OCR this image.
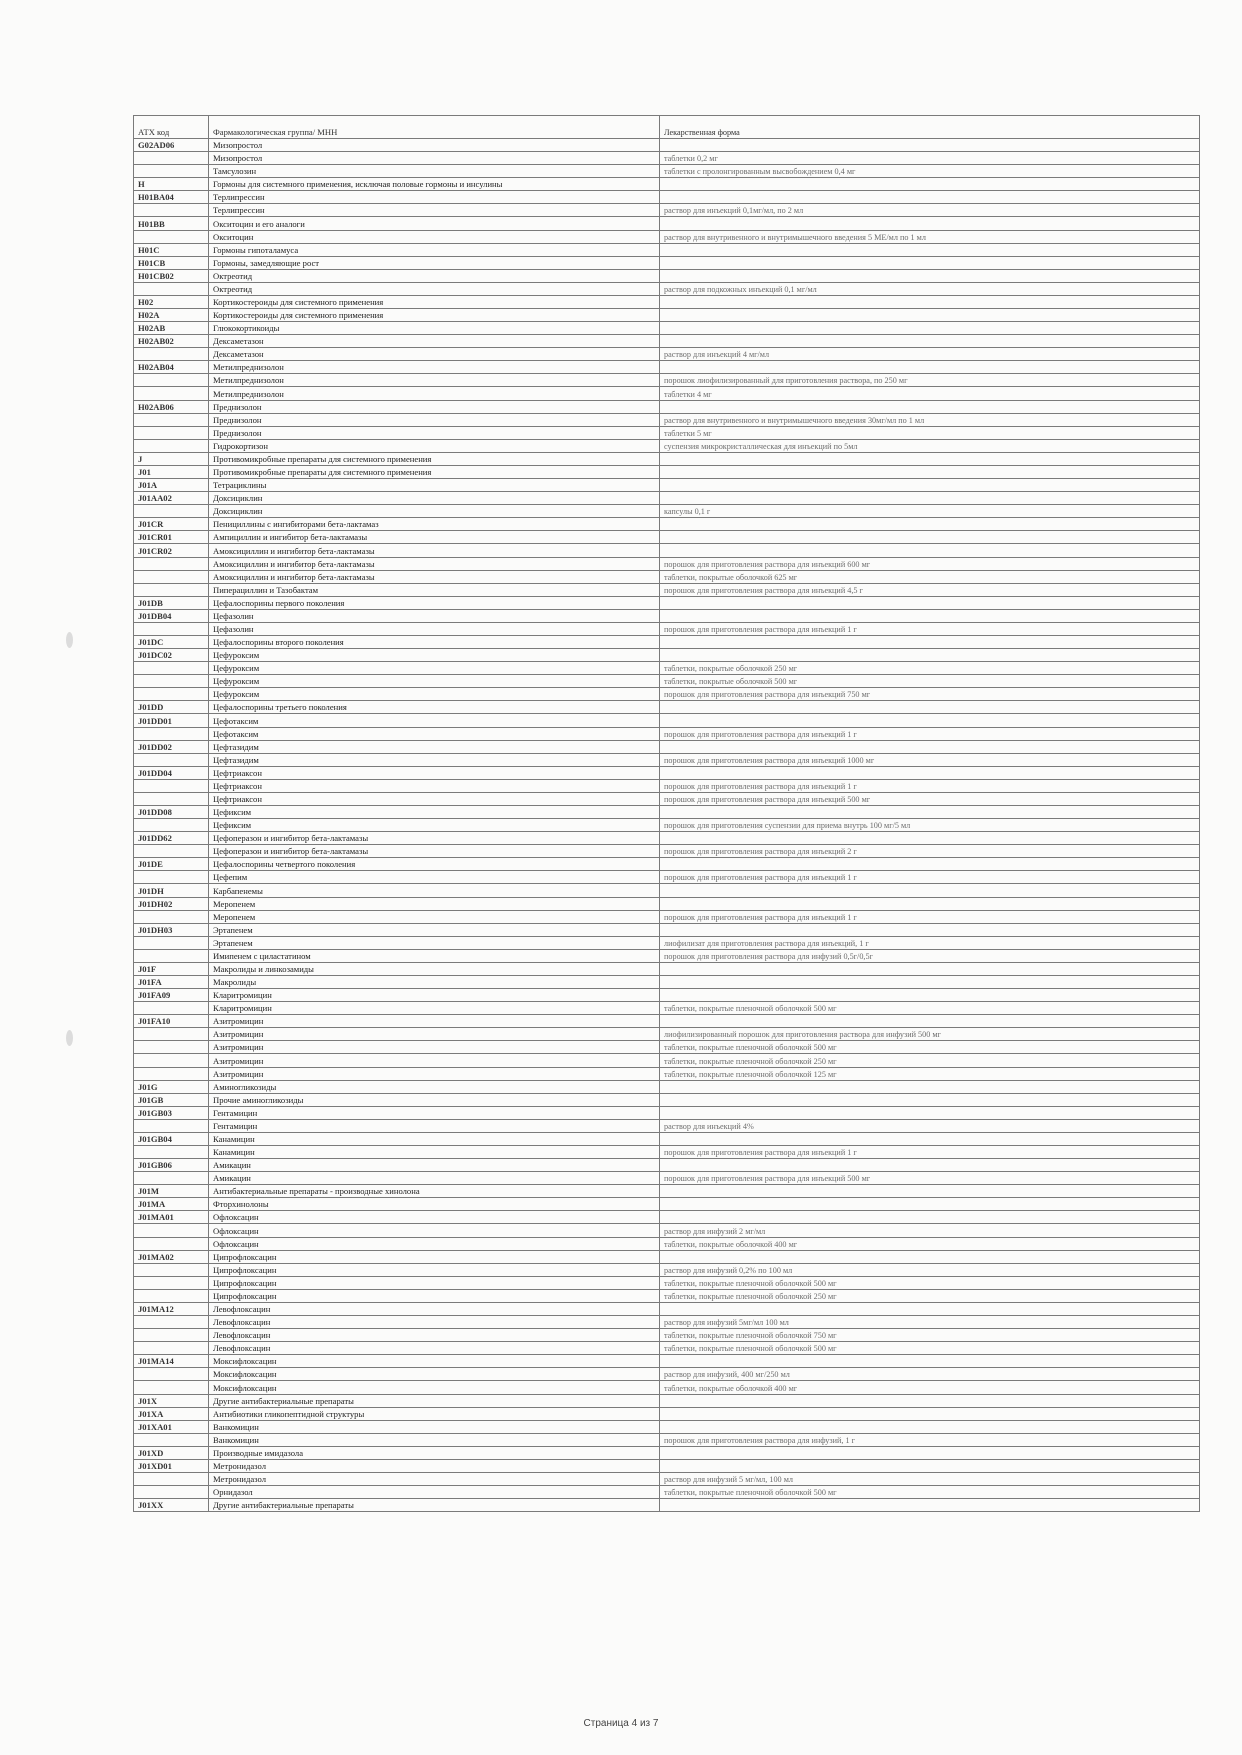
АТХ код	Фармакологическая группа/ МНН	Лекарственная форма
G02AD06	Мизопростол	
	Мизопростол	таблетки 0,2 мг
	Тамсулозин	таблетки с пролонгированным высвобождением 0,4 мг
H	Гормоны для системного применения, исключая половые гормоны и инсулины	
H01BA04	Терлипрессин	
	Терлипрессин	раствор для инъекций 0,1мг/мл, по 2 мл
H01BB	Окситоцин и его аналоги	
	Окситоцин	раствор для внутривенного и внутримышечного введения 5 МЕ/мл по 1 мл
H01C	Гормоны гипоталамуса	
H01CB	Гормоны, замедляющие рост	
H01CB02	Октреотид	
	Октреотид	раствор для подкожных инъекций 0,1 мг/мл
H02	Кортикостероиды для системного применения	
H02A	Кортикостероиды для системного применения	
H02AB	Глюкокортикоиды	
H02AB02	Дексаметазон	
	Дексаметазон	раствор для инъекций 4 мг/мл
H02AB04	Метилпреднизолон	
	Метилпреднизолон	порошок лиофилизированный для приготовления раствора, по 250 мг
	Метилпреднизолон	таблетки 4 мг
H02AB06	Преднизолон	
	Преднизолон	раствор для внутривенного и внутримышечного введения 30мг/мл по 1 мл
	Преднизолон	таблетки 5 мг
	Гидрокортизон	суспензия микрокристаллическая для инъекций по 5мл
J	Противомикробные препараты для системного применения	
J01	Противомикробные препараты для системного применения	
J01A	Тетрациклины	
J01AA02	Доксициклин	
	Доксициклин	капсулы 0,1 г
J01CR	Пенициллины с ингибиторами бета-лактамаз	
J01CR01	Ампициллин и ингибитор бета-лактамазы	
J01CR02	Амоксициллин и ингибитор бета-лактамазы	
	Амоксициллин и ингибитор бета-лактамазы	порошок для приготовления раствора для инъекций 600 мг
	Амоксициллин и ингибитор бета-лактамазы	таблетки, покрытые оболочкой 625 мг
	Пиперациллин и Тазобактам	порошок для приготовления раствора для инъекций 4,5 г
J01DB	Цефалоспорины первого поколения	
J01DB04	Цефазолин	
	Цефазолин	порошок для приготовления раствора для инъекций 1 г
J01DC	Цефалоспорины второго поколения	
J01DC02	Цефуроксим	
	Цефуроксим	таблетки, покрытые оболочкой 250 мг
	Цефуроксим	таблетки, покрытые оболочкой 500 мг
	Цефуроксим	порошок для приготовления раствора для инъекций 750 мг
J01DD	Цефалоспорины третьего поколения	
J01DD01	Цефотаксим	
	Цефотаксим	порошок для приготовления раствора для инъекций 1 г
J01DD02	Цефтазидим	
	Цефтазидим	порошок для приготовления раствора для инъекций 1000 мг
J01DD04	Цефтриаксон	
	Цефтриаксон	порошок для приготовления раствора для инъекций 1 г
	Цефтриаксон	порошок для приготовления раствора для инъекций 500 мг
J01DD08	Цефиксим	
	Цефиксим	порошок для приготовления суспензии для приема внутрь 100 мг/5 мл
J01DD62	Цефоперазон и ингибитор бета-лактамазы	
	Цефоперазон и ингибитор бета-лактамазы	порошок для приготовления раствора для инъекций 2 г
J01DE	Цефалоспорины четвертого поколения	
	Цефепим	порошок для приготовления раствора для инъекций 1 г
J01DH	Карбапенемы	
J01DH02	Меропенем	
	Меропенем	порошок для приготовления раствора для инъекций 1 г
J01DH03	Эртапенем	
	Эртапенем	лиофилизат для приготовления раствора для инъекций, 1 г
	Имипенем с циластатином	порошок для приготовления раствора для инфузий 0,5г/0,5г
J01F	Макролиды и линкозамиды	
J01FA	Макролиды	
J01FA09	Кларитромицин	
	Кларитромицин	таблетки, покрытые пленочной оболочкой 500 мг
J01FA10	Азитромицин	
	Азитромицин	лиофилизированный порошок для приготовления раствора для инфузий 500 мг
	Азитромицин	таблетки, покрытые пленочной оболочкой 500 мг
	Азитромицин	таблетки, покрытые пленочной оболочкой 250 мг
	Азитромицин	таблетки, покрытые пленочной оболочкой 125 мг
J01G	Аминогликозиды	
J01GB	Прочие аминогликозиды	
J01GB03	Гентамицин	
	Гентамицин	раствор для инъекций 4%
J01GB04	Канамицин	
	Канамицин	порошок для приготовления раствора для инъекций 1 г
J01GB06	Амикацин	
	Амикацин	порошок для приготовления раствора для инъекций 500 мг
J01M	Антибактериальные препараты - производные хинолона	
J01MA	Фторхинолоны	
J01MA01	Офлоксацин	
	Офлоксацин	раствор для инфузий 2 мг/мл
	Офлоксацин	таблетки, покрытые оболочкой 400 мг
J01MA02	Ципрофлоксацин	
	Ципрофлоксацин	раствор для инфузий 0,2% по 100 мл
	Ципрофлоксацин	таблетки, покрытые пленочной оболочкой 500 мг
	Ципрофлоксацин	таблетки, покрытые пленочной оболочкой 250 мг
J01MA12	Левофлоксацин	
	Левофлоксацин	раствор для инфузий 5мг/мл 100 мл
	Левофлоксацин	таблетки, покрытые пленочной оболочкой 750 мг
	Левофлоксацин	таблетки, покрытые пленочной оболочкой 500 мг
J01MA14	Моксифлоксацин	
	Моксифлоксацин	раствор для инфузий, 400 мг/250 мл
	Моксифлоксацин	таблетки, покрытые оболочкой 400 мг
J01X	Другие антибактериальные препараты	
J01XA	Антибиотики гликопептидной структуры	
J01XA01	Ванкомицин	
	Ванкомицин	порошок для приготовления раствора для инфузий, 1 г
J01XD	Производные имидазола	
J01XD01	Метронидазол	
	Метронидазол	раствор для инфузий 5 мг/мл, 100 мл
	Орнидазол	таблетки, покрытые пленочной оболочкой 500 мг
J01XX	Другие антибактериальные препараты	
Страница 4 из 7
